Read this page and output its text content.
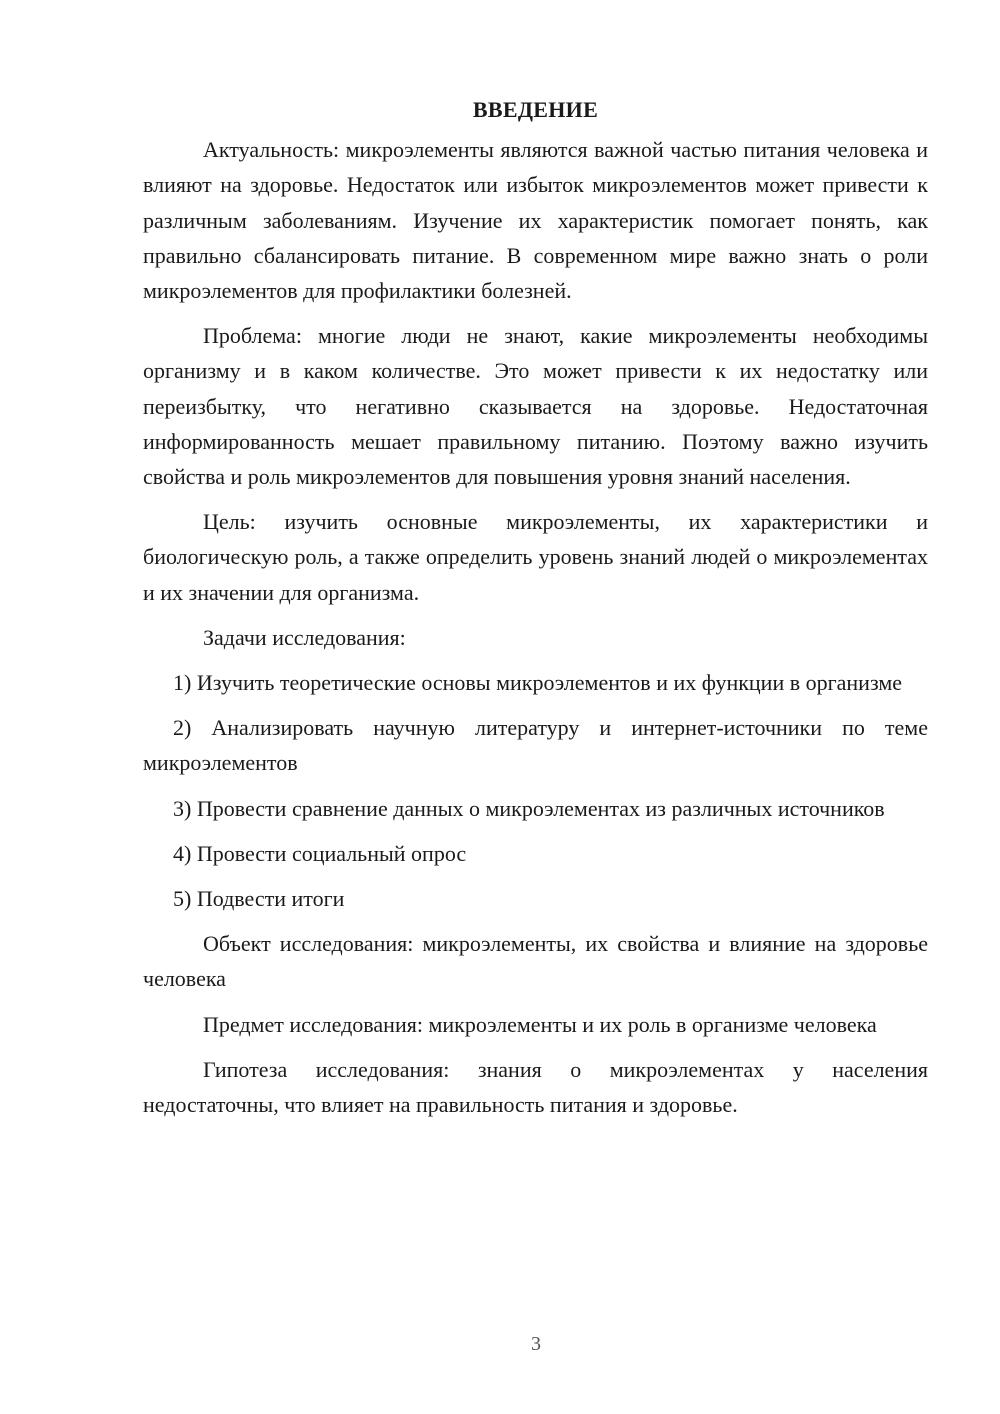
ВВЕДЕНИЕ

Актуальность: микроэлементы являются важной частью питания человека и влияют на здоровье. Недостаток или избыток микроэлементов может привести к различным заболеваниям. Изучение их характеристик помогает понять, как правильно сбалансировать питание. В современном мире важно знать о роли микроэлементов для профилактики болезней.

Проблема: многие люди не знают, какие микроэлементы необходимы организму и в каком количестве. Это может привести к их недостатку или переизбытку, что негативно сказывается на здоровье. Недостаточная информированность мешает правильному питанию. Поэтому важно изучить свойства и роль микроэлементов для повышения уровня знаний населения.

Цель: изучить основные микроэлементы, их характеристики и биологическую роль, а также определить уровень знаний людей о микроэлементах и их значении для организма.

Задачи исследования:

1) Изучить теоретические основы микроэлементов и их функции в организме

2) Анализировать научную литературу и интернет-источники по теме микроэлементов

3) Провести сравнение данных о микроэлементах из различных источников

4) Провести социальный опрос

5) Подвести итоги

Объект исследования: микроэлементы, их свойства и влияние на здоровье человека

Предмет исследования: микроэлементы и их роль в организме человека

Гипотеза исследования: знания о микроэлементах у населения недостаточны, что влияет на правильность питания и здоровье.

3
